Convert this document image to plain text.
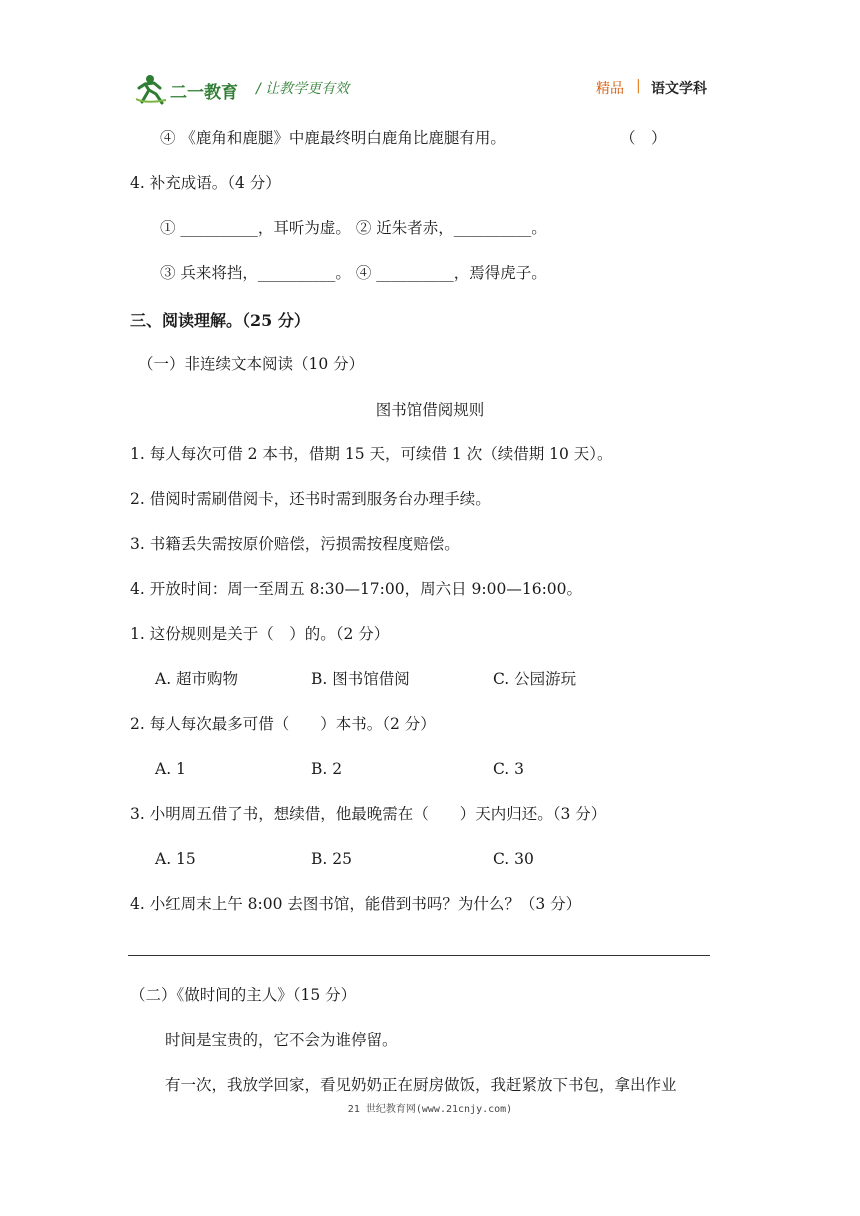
二一教育 / 让教学更有效	精品 | 语文学科
④ 《鹿角和鹿腿》中鹿最终明白鹿角比鹿腿有用。	（　）
4. 补充成语。（4 分）
① __________，耳听为虚。 ② 近朱者赤，__________。
③ 兵来将挡，__________。 ④ __________，焉得虎子。
三、阅读理解。（25 分）
（一）非连续文本阅读（10 分）
图书馆借阅规则
1. 每人每次可借 2 本书，借期 15 天，可续借 1 次（续借期 10 天）。
2. 借阅时需刷借阅卡，还书时需到服务台办理手续。
3. 书籍丢失需按原价赔偿，污损需按程度赔偿。
4. 开放时间：周一至周五 8:30—17:00，周六日 9:00—16:00。
1. 这份规则是关于（　）的。（2 分）
A. 超市购物	B. 图书馆借阅	C. 公园游玩
2. 每人每次最多可借（　　）本书。（2 分）
A. 1	B. 2	C. 3
3. 小明周五借了书，想续借，他最晚需在（　　）天内归还。（3 分）
A. 15	B. 25	C. 30
4. 小红周末上午 8:00 去图书馆，能借到书吗？为什么？（3 分）
（二）《做时间的主人》（15 分）
时间是宝贵的，它不会为谁停留。
有一次，我放学回家，看见奶奶正在厨房做饭，我赶紧放下书包，拿出作业
21 世纪教育网(www.21cnjy.com)
